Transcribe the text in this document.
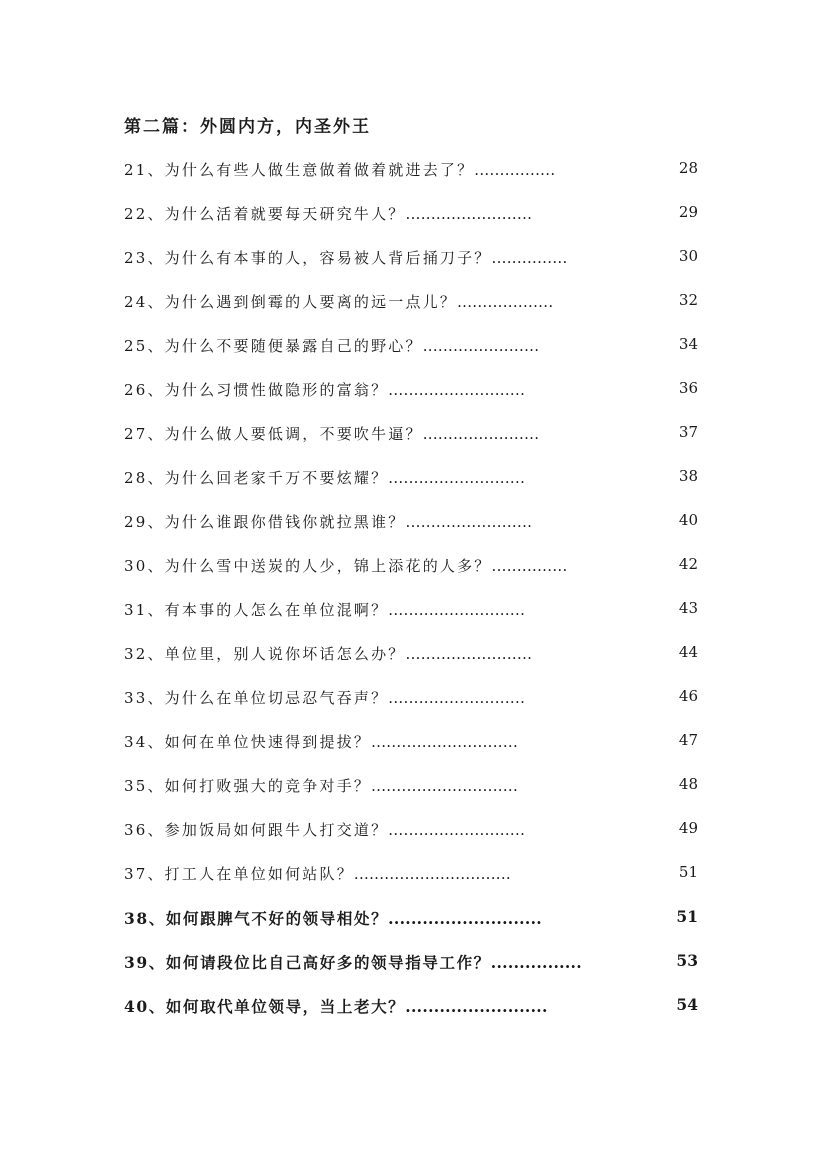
第二篇：外圆内方，内圣外王
21、为什么有些人做生意做着做着就进去了？................	28
22、为什么活着就要每天研究牛人？.........................	29
23、为什么有本事的人，容易被人背后捅刀子？...............	30
24、为什么遇到倒霉的人要离的远一点儿？...................	32
25、为什么不要随便暴露自己的野心？.......................	34
26、为什么习惯性做隐形的富翁？...........................	36
27、为什么做人要低调，不要吹牛逼？.......................	37
28、为什么回老家千万不要炫耀？...........................	38
29、为什么谁跟你借钱你就拉黑谁？.........................	40
30、为什么雪中送炭的人少，锦上添花的人多？...............	42
31、有本事的人怎么在单位混啊？...........................	43
32、单位里，别人说你坏话怎么办？.........................	44
33、为什么在单位切忌忍气吞声？...........................	46
34、如何在单位快速得到提拔？.............................	47
35、如何打败强大的竞争对手？.............................	48
36、参加饭局如何跟牛人打交道？...........................	49
37、打工人在单位如何站队？...............................	51
38、如何跟脾气不好的领导相处？...........................	51
39、如何请段位比自己高好多的领导指导工作？................	53
40、如何取代单位领导，当上老大？.........................	54
